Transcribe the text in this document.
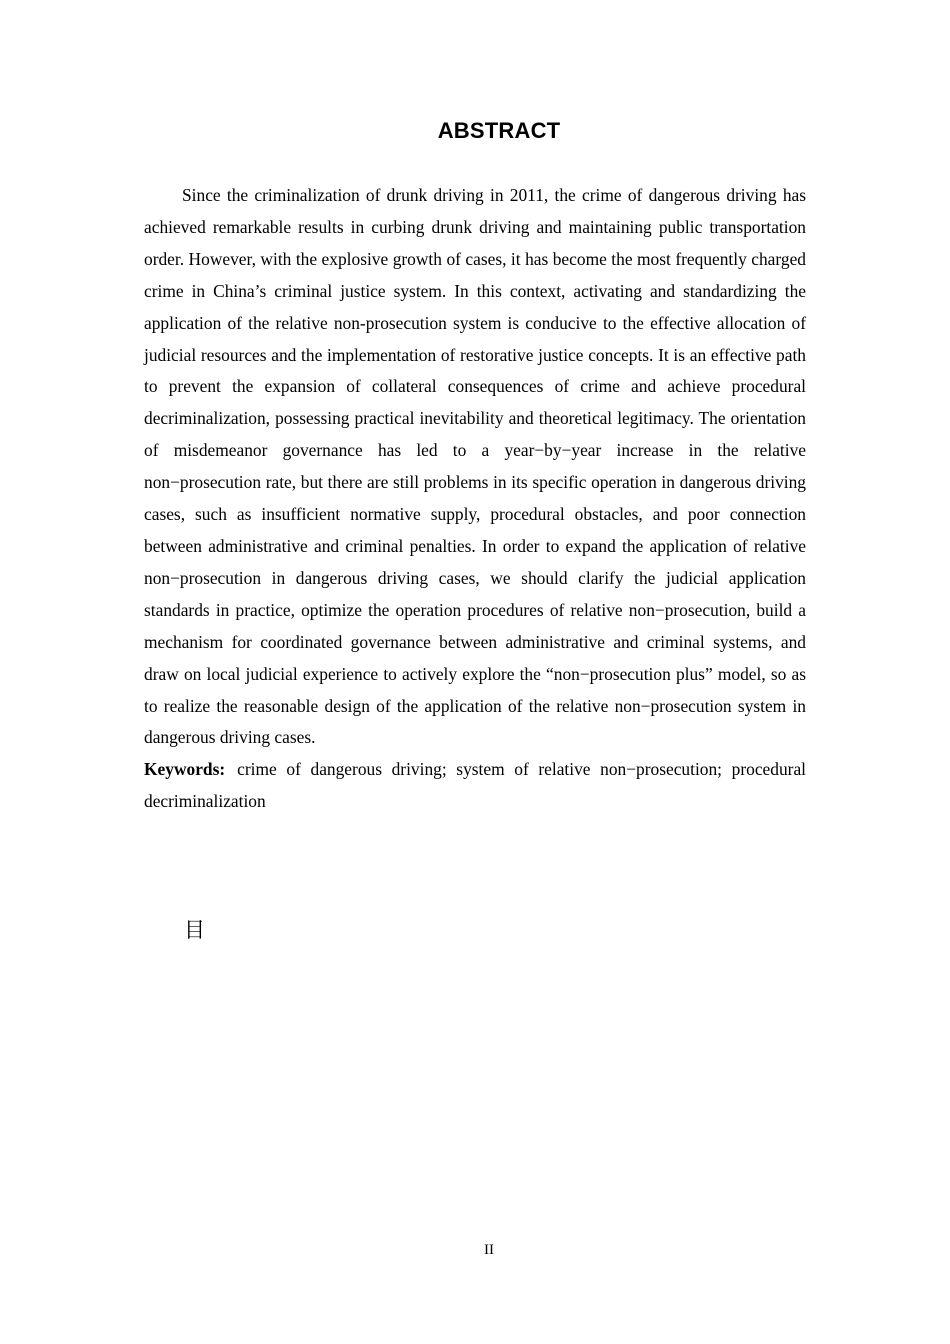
ABSTRACT

Since the criminalization of drunk driving in 2011, the crime of dangerous driving has achieved remarkable results in curbing drunk driving and maintaining public transportation order. However, with the explosive growth of cases, it has become the most frequently charged crime in China’s criminal justice system. In this context, activating and standardizing the application of the relative non-prosecution system is conducive to the effective allocation of judicial resources and the implementation of restorative justice concepts. It is an effective path to prevent the expansion of collateral consequences of crime and achieve procedural decriminalization, possessing practical inevitability and theoretical legitimacy. The orientation of misdemeanor governance has led to a year−by−year increase in the relative non−prosecution rate, but there are still problems in its specific operation in dangerous driving cases, such as insufficient normative supply, procedural obstacles, and poor connection between administrative and criminal penalties. In order to expand the application of relative non−prosecution in dangerous driving cases, we should clarify the judicial application standards in practice, optimize the operation procedures of relative non−prosecution, build a mechanism for coordinated governance between administrative and criminal systems, and draw on local judicial experience to actively explore the “non−prosecution plus” model, so as to realize the reasonable design of the application of the relative non−prosecution system in dangerous driving cases.

Keywords: crime of dangerous driving; system of relative non−prosecution; procedural decriminalization

目
II
